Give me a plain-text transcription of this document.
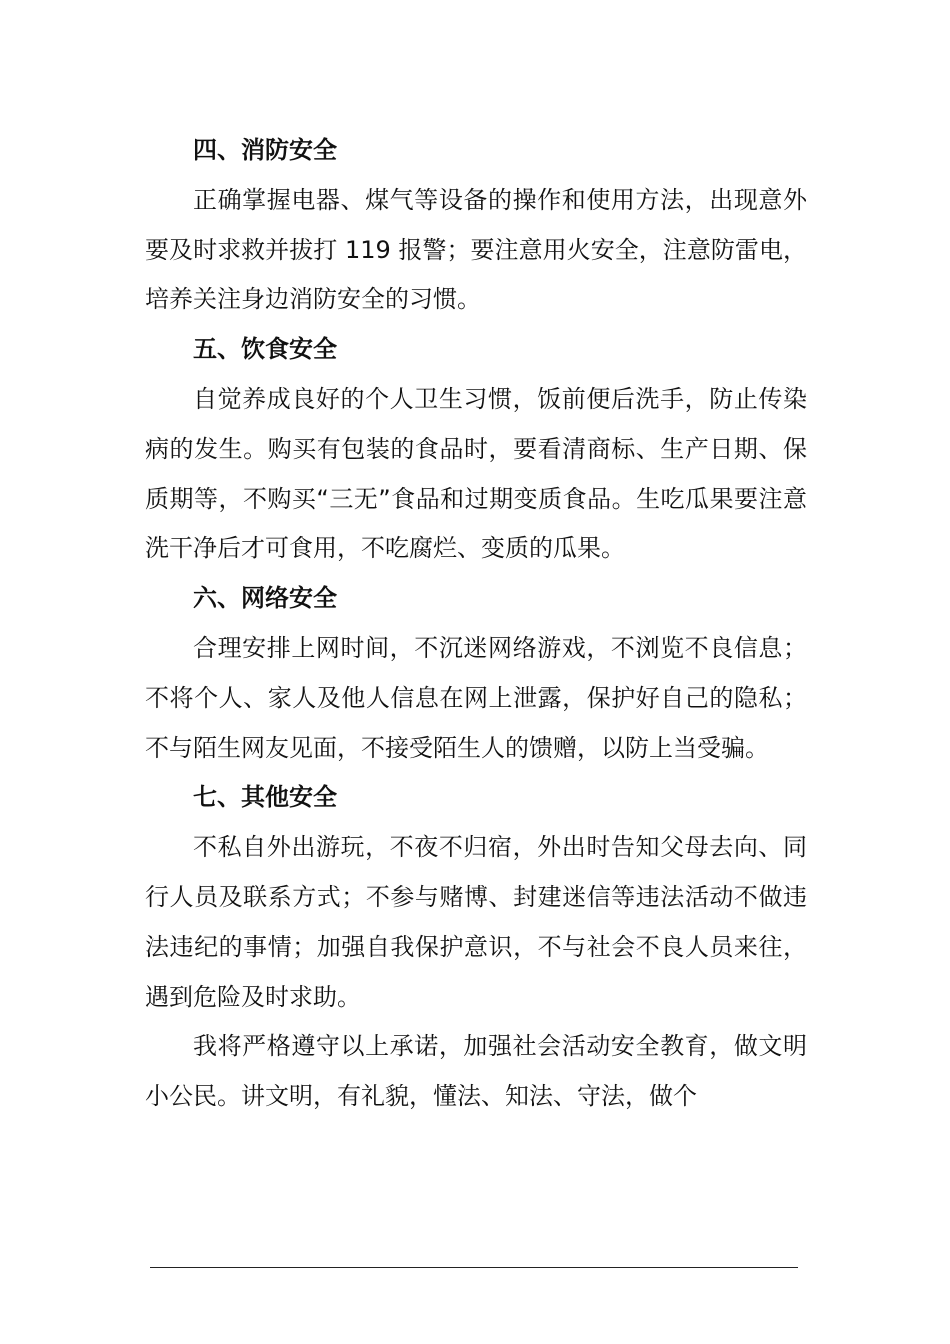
四、消防安全

正确掌握电器、煤气等设备的操作和使用方法，出现意外要及时求救并拔打 119 报警；要注意用火安全，注意防雷电，培养关注身边消防安全的习惯。

五、饮食安全

自觉养成良好的个人卫生习惯，饭前便后洗手，防止传染病的发生。购买有包装的食品时，要看清商标、生产日期、保质期等，不购买“三无”食品和过期变质食品。生吃瓜果要注意洗干净后才可食用，不吃腐烂、变质的瓜果。

六、网络安全

合理安排上网时间，不沉迷网络游戏，不浏览不良信息；不将个人、家人及他人信息在网上泄露，保护好自己的隐私；不与陌生网友见面，不接受陌生人的馈赠，以防上当受骗。

七、其他安全

不私自外出游玩，不夜不归宿，外出时告知父母去向、同行人员及联系方式；不参与赌博、封建迷信等违法活动不做违法违纪的事情；加强自我保护意识，不与社会不良人员来往，遇到危险及时求助。

我将严格遵守以上承诺，加强社会活动安全教育，做文明小公民。讲文明，有礼貌，懂法、知法、守法，做个
